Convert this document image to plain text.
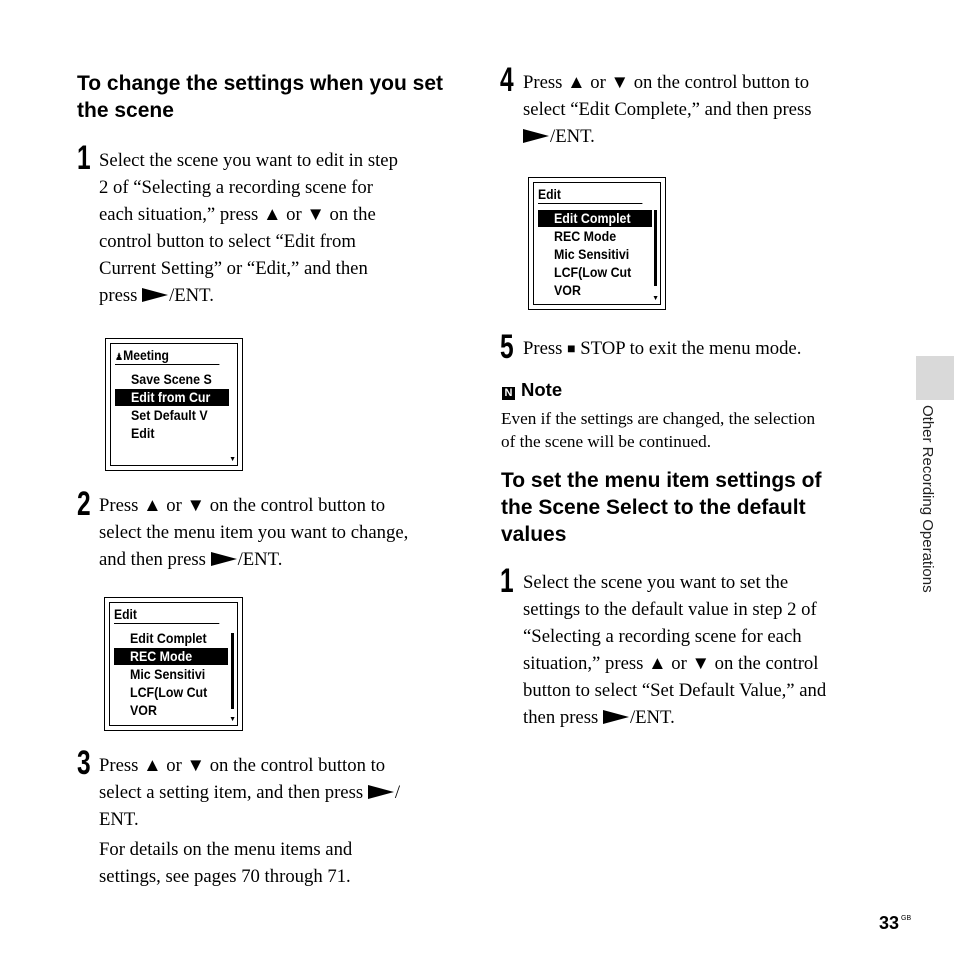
To change the settings when you set the scene
1 Select the scene you want to edit in step
2 of “Selecting a recording scene for
each situation,” press ▲ or ▼ on the
control button to select “Edit from
Current Setting” or “Edit,” and then
press /ENT.
♟Meeting
Save Scene S
Edit from Cur
Set Default V
Edit
▼
2 Press ▲ or ▼ on the control button to
select the menu item you want to change,
and then press /ENT.
Edit
Edit Complet
REC Mode
Mic Sensitivi
LCF(Low Cut
VOR
▼
3 Press ▲ or ▼ on the control button to
select a setting item, and then press /
ENT.
For details on the menu items and
settings, see pages 70 through 71.
4 Press ▲ or ▼ on the control button to
select “Edit Complete,” and then press
/ENT.
Edit
Edit Complet
REC Mode
Mic Sensitivi
LCF(Low Cut
VOR	▼
5 Press ■ STOP to exit the menu mode.
N Note
Even if the settings are changed, the selection
of the scene will be continued.
To set the menu item settings of
the Scene Select to the default
values
1 Select the scene you want to set the
settings to the default value in step 2 of
“Selecting a recording scene for each
situation,” press ▲ or ▼ on the control
button to select “Set Default Value,” and
then press /ENT.
Other Recording Operations
33 $^{GB}$
